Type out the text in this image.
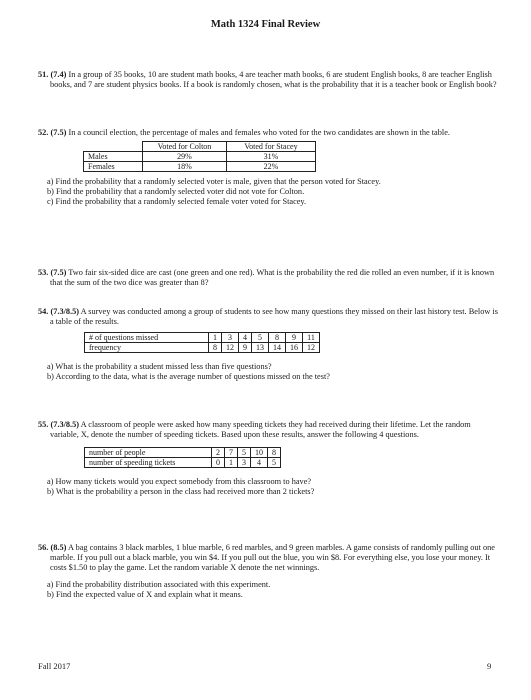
Math 1324 Final Review

51. (7.4) In a group of 35 books, 10 are student math books, 4 are teacher math books, 6 are student English books, 8 are teacher English books, and 7 are student physics books. If a book is randomly chosen, what is the probability that it is a teacher book or English book?

52. (7.5) In a council election, the percentage of males and females who voted for the two candidates are shown in the table.

	Voted for Colton	Voted for Stacey
Males	29%	31%
Females	18%	22%
a) Find the probability that a randomly selected voter is male, given that the person voted for Stacey.
b) Find the probability that a randomly selected voter did not vote for Colton.
c) Find the probability that a randomly selected female voter voted for Stacey.

53. (7.5) Two fair six-sided dice are cast (one green and one red). What is the probability the red die rolled an even number, if it is known that the sum of the two dice was greater than 8?

54. (7.3/8.5) A survey was conducted among a group of students to see how many questions they missed on their last history test. Below is a table of the results.

# of questions missed	1	3	4	5	8	9	11
frequency	8	12	9	13	14	16	12
a) What is the probability a student missed less than five questions?
b) According to the data, what is the average number of questions missed on the test?

55. (7.3/8.5) A classroom of people were asked how many speeding tickets they had received during their lifetime. Let the random variable, X, denote the number of speeding tickets. Based upon these results, answer the following 4 questions.

number of people	2	7	5	10	8
number of speeding tickets	0	1	3	4	5
a) How many tickets would you expect somebody from this classroom to have?
b) What is the probability a person in the class had received more than 2 tickets?

56. (8.5) A bag contains 3 black marbles, 1 blue marble, 6 red marbles, and 9 green marbles. A game consists of randomly pulling out one marble. If you pull out a black marble, you win $4. If you pull out the blue, you win $8. For everything else, you lose your money. It costs $1.50 to play the game. Let the random variable X denote the net winnings.

a) Find the probability distribution associated with this experiment.
b) Find the expected value of X and explain what it means.
Fall 2017	9
